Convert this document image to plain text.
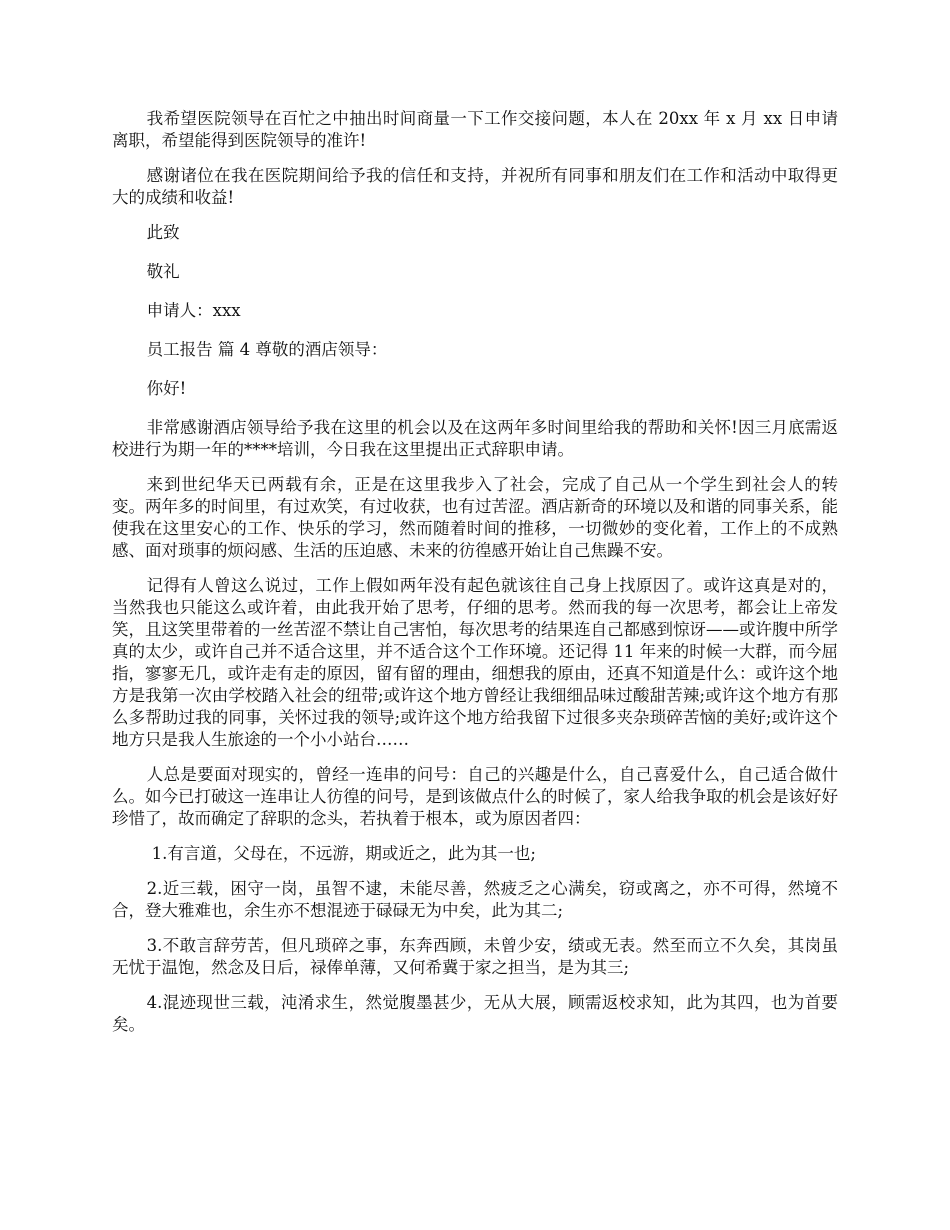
我希望医院领导在百忙之中抽出时间商量一下工作交接问题，本人在 20xx 年 x 月 xx 日申请离职，希望能得到医院领导的准许!

感谢诸位在我在医院期间给予我的信任和支持，并祝所有同事和朋友们在工作和活动中取得更大的成绩和收益!

此致

敬礼

申请人：xxx

员工报告 篇 4 尊敬的酒店领导：

你好!

非常感谢酒店领导给予我在这里的机会以及在这两年多时间里给我的帮助和关怀!因三月底需返校进行为期一年的****培训，今日我在这里提出正式辞职申请。

来到世纪华天已两载有余，正是在这里我步入了社会，完成了自己从一个学生到社会人的转变。两年多的时间里，有过欢笑，有过收获，也有过苦涩。酒店新奇的环境以及和谐的同事关系，能使我在这里安心的工作、快乐的学习，然而随着时间的推移，一切微妙的变化着，工作上的不成熟感、面对琐事的烦闷感、生活的压迫感、未来的彷徨感开始让自己焦躁不安。

记得有人曾这么说过，工作上假如两年没有起色就该往自己身上找原因了。或许这真是对的，当然我也只能这么或许着，由此我开始了思考，仔细的思考。然而我的每一次思考，都会让上帝发笑，且这笑里带着的一丝苦涩不禁让自己害怕，每次思考的结果连自己都感到惊讶——或许腹中所学真的太少，或许自己并不适合这里，并不适合这个工作环境。还记得 11 年来的时候一大群，而今屈指，寥寥无几，或许走有走的原因，留有留的理由，细想我的原由，还真不知道是什么：或许这个地方是我第一次由学校踏入社会的纽带;或许这个地方曾经让我细细品味过酸甜苦辣;或许这个地方有那么多帮助过我的同事，关怀过我的领导;或许这个地方给我留下过很多夹杂琐碎苦恼的美好;或许这个地方只是我人生旅途的一个小小站台……

人总是要面对现实的，曾经一连串的问号：自己的兴趣是什么，自己喜爱什么，自己适合做什么。如今已打破这一连串让人彷徨的问号，是到该做点什么的时候了，家人给我争取的机会是该好好珍惜了，故而确定了辞职的念头，若执着于根本，或为原因者四：

1.有言道，父母在，不远游，期或近之，此为其一也;

2.近三载，困守一岗，虽智不逮，未能尽善，然疲乏之心满矣，窃或离之，亦不可得，然境不合，登大雅难也，余生亦不想混迹于碌碌无为中矣，此为其二;

3.不敢言辞劳苦，但凡琐碎之事，东奔西顾，未曾少安，绩或无表。然至而立不久矣，其岗虽无忧于温饱，然念及日后，禄俸单薄，又何希冀于家之担当，是为其三;

4.混迹现世三载，沌淆求生，然觉腹墨甚少，无从大展，顾需返校求知，此为其四，也为首要矣。
